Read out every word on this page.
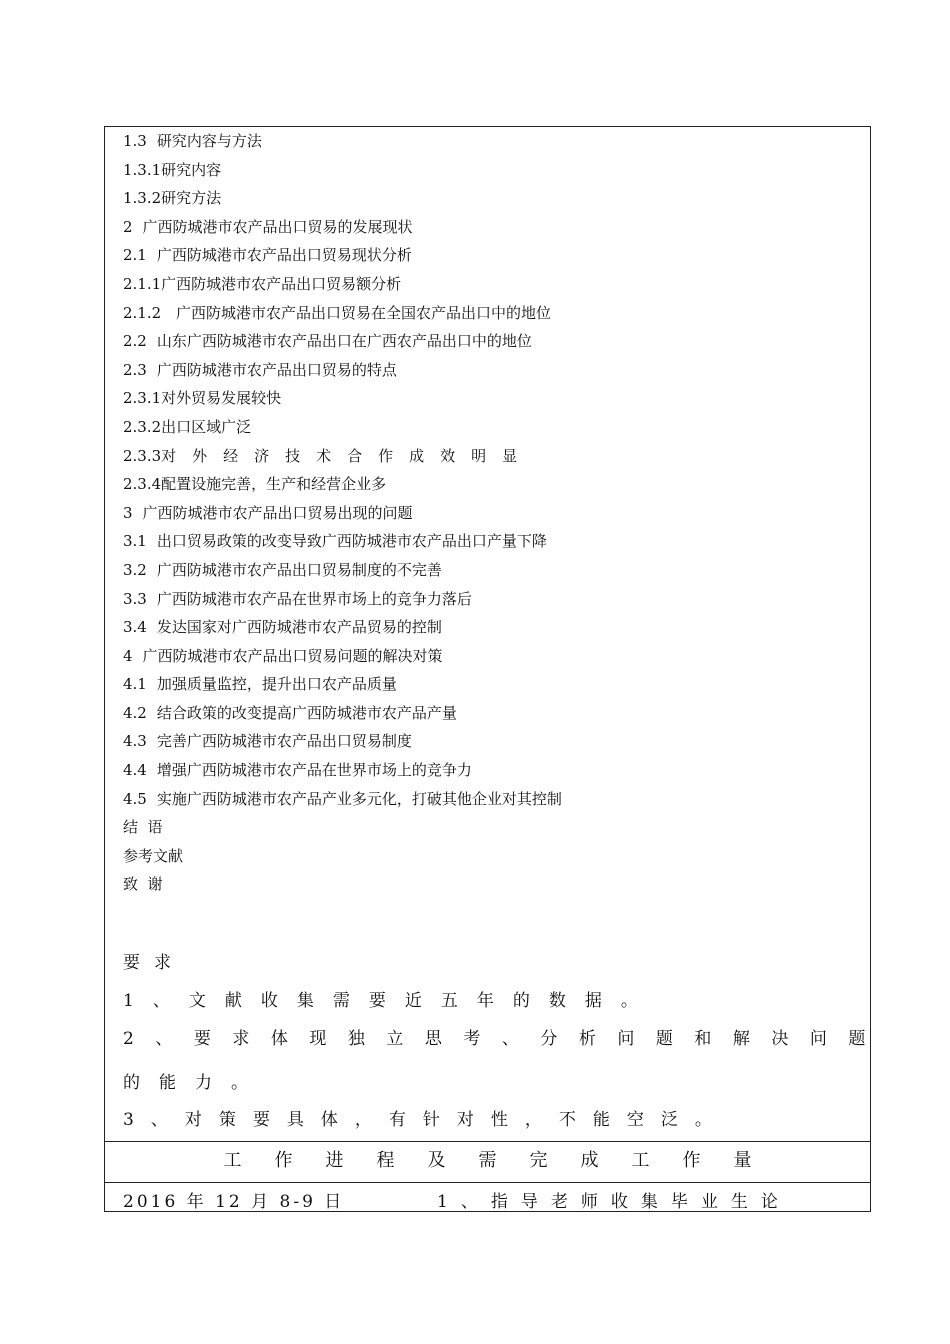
1.3 研究内容与方法
1.3.1研究内容
1.3.2研究方法
2 广西防城港市农产品出口贸易的发展现状
2.1 广西防城港市农产品出口贸易现状分析
2.1.1广西防城港市农产品出口贸易额分析
2.1.2 广西防城港市农产品出口贸易在全国农产品出口中的地位
2.2 山东广西防城港市农产品出口在广西农产品出口中的地位
2.3 广西防城港市农产品出口贸易的特点
2.3.1对外贸易发展较快
2.3.2出口区域广泛
2.3.3对外经济技术合作成效明显
2.3.4配置设施完善，生产和经营企业多
3 广西防城港市农产品出口贸易出现的问题
3.1 出口贸易政策的改变导致广西防城港市农产品出口产量下降
3.2 广西防城港市农产品出口贸易制度的不完善
3.3 广西防城港市农产品在世界市场上的竞争力落后
3.4 发达国家对广西防城港市农产品贸易的控制
4 广西防城港市农产品出口贸易问题的解决对策
4.1 加强质量监控，提升出口农产品质量
4.2 结合政策的改变提高广西防城港市农产品产量
4.3 完善广西防城港市农产品出口贸易制度
4.4 增强广西防城港市农产品在世界市场上的竞争力
4.5 实施广西防城港市农产品产业多元化，打破其他企业对其控制
结  语
参考文献
致  谢
要求
1、文献收集需要近五年的数据。
2、要求体现独立思考、分析问题和解决问题
的能力。
3、对策要具体，有针对性，不能空泛。
工作进程及需完成工作量
2016 年 12 月 8-9 日	1、指导老师收集毕业生论
